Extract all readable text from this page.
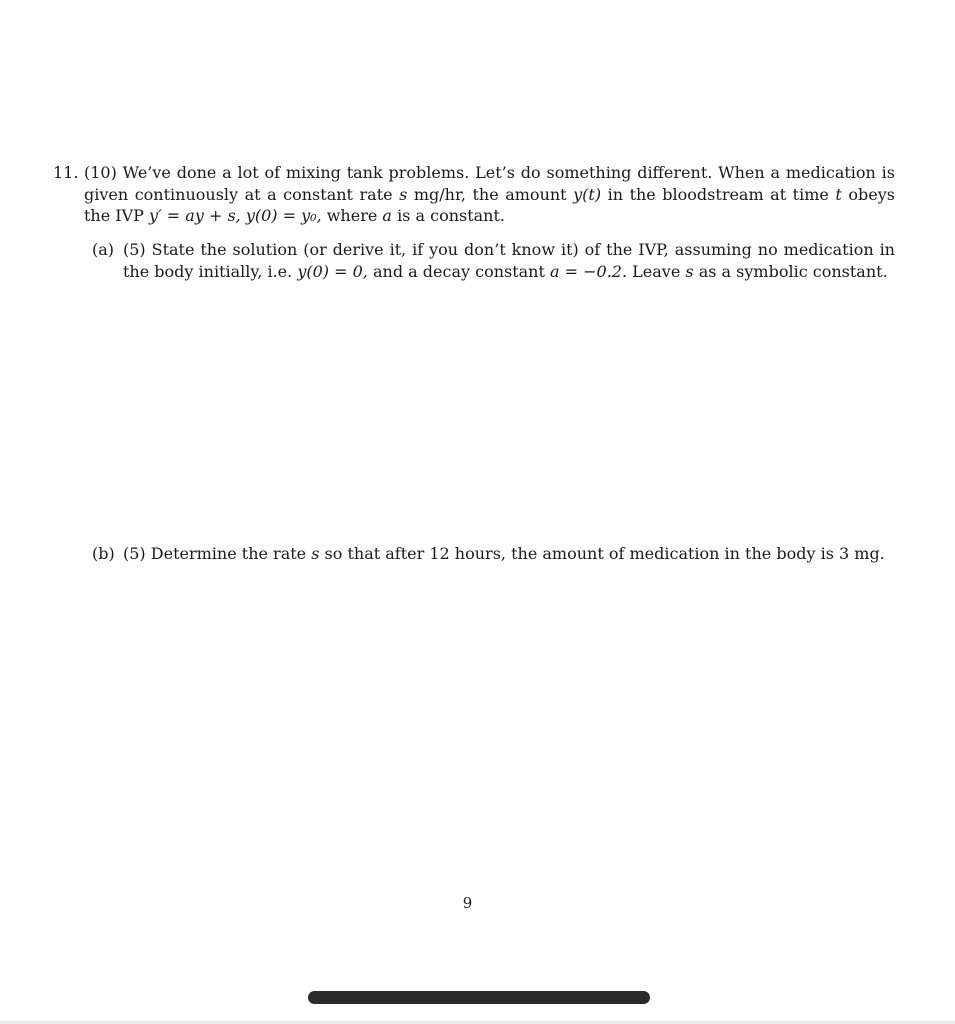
11. (10) We’ve done a lot of mixing tank problems. Let’s do something different. When a medication is given continuously at a constant rate s mg/hr, the amount y(t) in the bloodstream at time t obeys the IVP y′ = ay + s, y(0) = y₀, where a is a constant.
(a) (5) State the solution (or derive it, if you don’t know it) of the IVP, assuming no medication in the body initially, i.e. y(0) = 0, and a decay constant a = −0.2. Leave s as a symbolic constant.
(b) (5) Determine the rate s so that after 12 hours, the amount of medication in the body is 3 mg.
9
